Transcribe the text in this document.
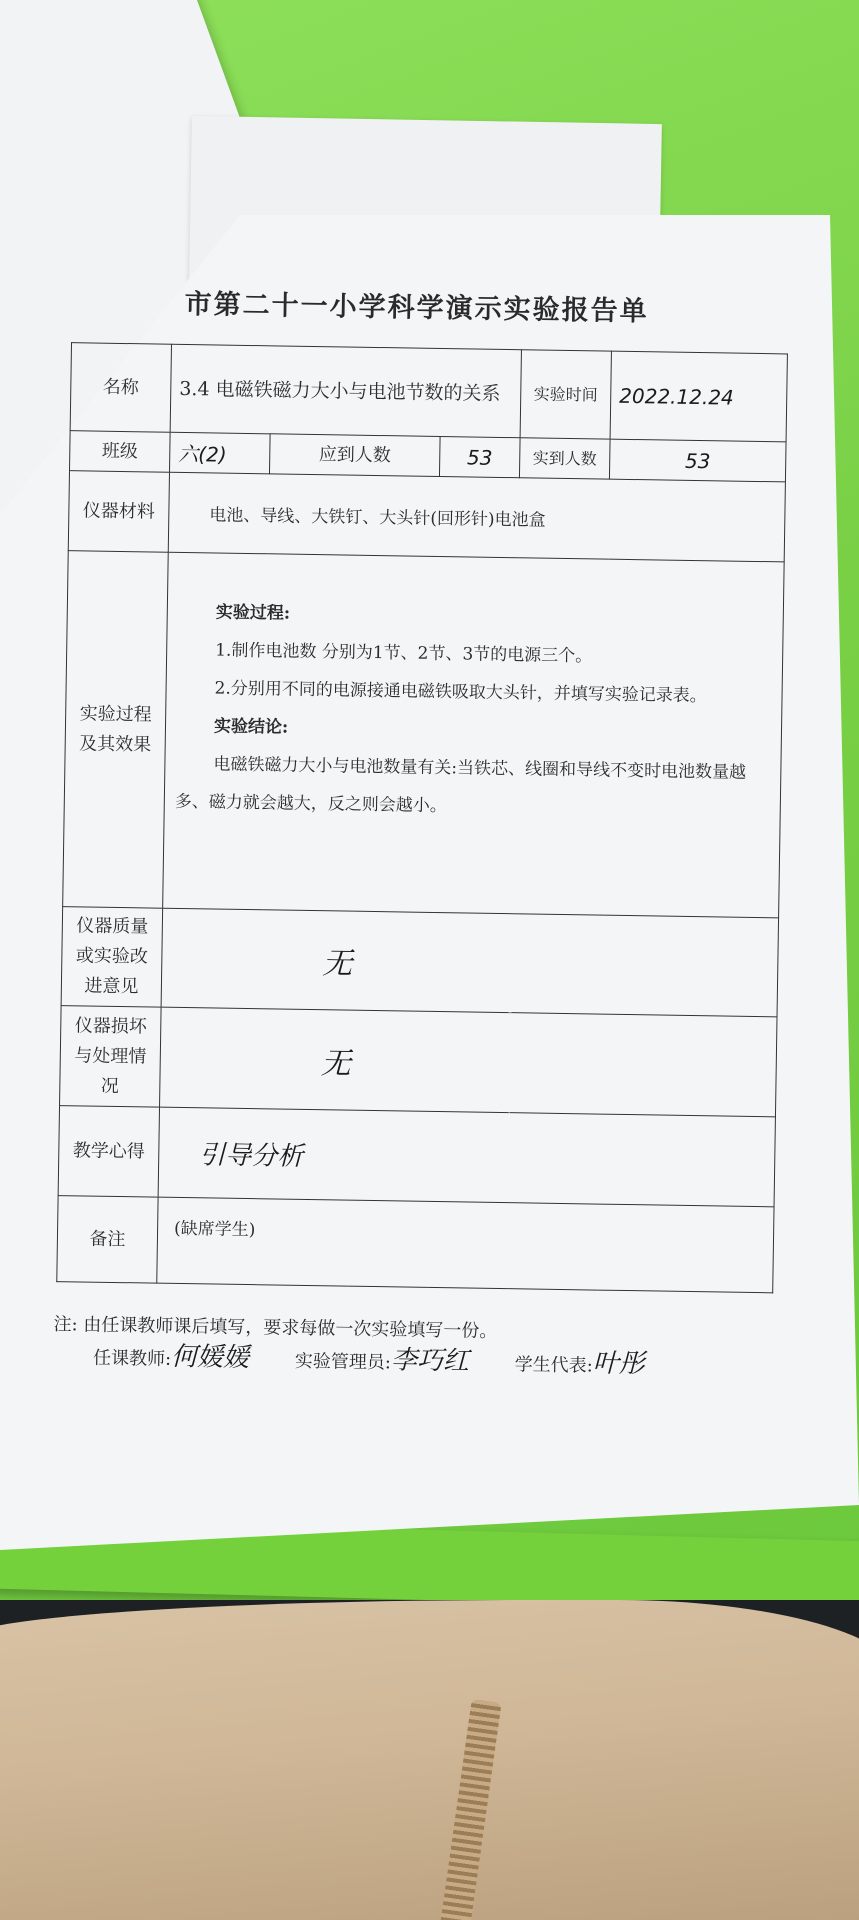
市第二十一小学科学演示实验报告单
名称	3.4 电磁铁磁力大小与电池节数的关系			实验时间	2022.12.24
班级	六(2)	应到人数	53	实到人数	53
仪器材料	电池、导线、大铁钉、大头针(回形针)电池盒				
实验过程及其效果	实验过程:
1.制作电池数 分别为1节、2节、3节的电源三个。
2.分别用不同的电源接通电磁铁吸取大头针，并填写实验记录表。
实验结论:
电磁铁磁力大小与电池数量有关:当铁芯、线圈和导线不变时电池数量越多、磁力就会越大，反之则会越小。				

仪器质量或实验改进意见	无				
仪器损坏与处理情况	无				
教学心得	引导分析				
备注	(缺席学生)				
注: 由任课教师课后填写，要求每做一次实验填写一份。
任课教师:何媛媛	实验管理员:李巧红	学生代表:叶彤
